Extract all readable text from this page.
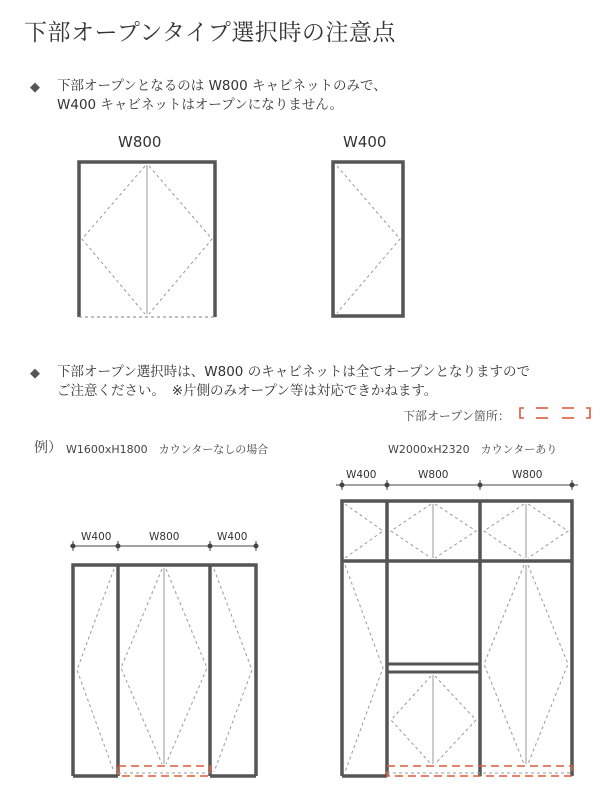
下部オープンタイプ選択時の注意点
◆ 下部オープンとなるのは W800 キャビネットのみで、
W400 キャビネットはオープンになりません。
W800	W400
◆ 下部オープン選択時は、W800 のキャビネットは全てオープンとなりますので
ご注意ください。　※片側のみオープン等は対応できかねます。
下部オープン箇所：
例） W1600xH1800　カウンターなしの場合	W2000xH2320　カウンターあり
W400	W800	W400
W400	W800	W800
